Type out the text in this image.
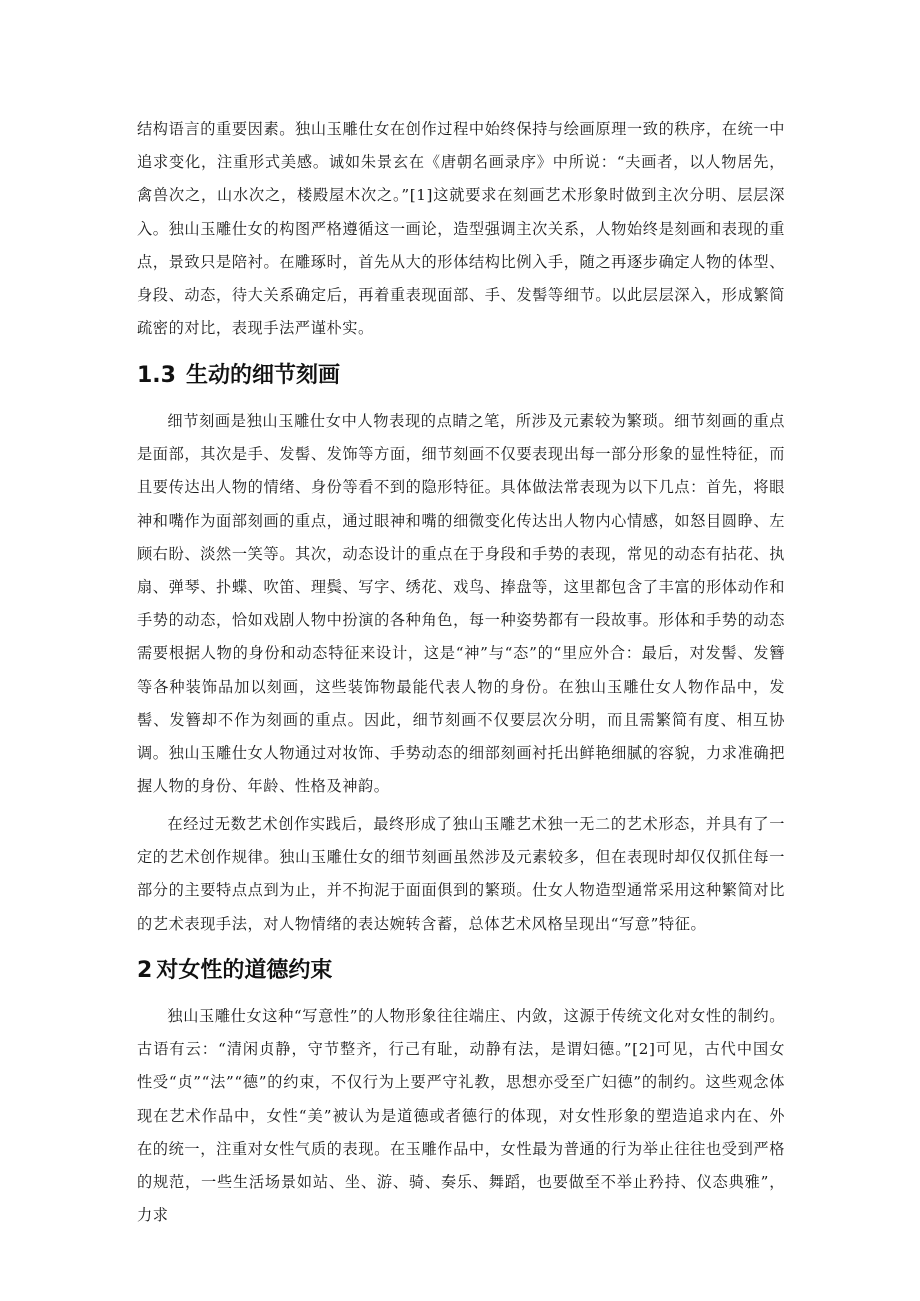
结构语言的重要因素。独山玉雕仕女在创作过程中始终保持与绘画原理一致的秩序，在统一中追求变化，注重形式美感。诚如朱景玄在《唐朝名画录序》中所说：“夫画者，以人物居先，禽兽次之，山水次之，楼殿屋木次之。”[1]这就要求在刻画艺术形象时做到主次分明、层层深入。独山玉雕仕女的构图严格遵循这一画论，造型强调主次关系，人物始终是刻画和表现的重点，景致只是陪衬。在雕琢时，首先从大的形体结构比例入手，随之再逐步确定人物的体型、身段、动态，待大关系确定后，再着重表现面部、手、发髻等细节。以此层层深入，形成繁简疏密的对比，表现手法严谨朴实。

1.3 生动的细节刻画

细节刻画是独山玉雕仕女中人物表现的点睛之笔，所涉及元素较为繁琐。细节刻画的重点是面部，其次是手、发髻、发饰等方面，细节刻画不仅要表现出每一部分形象的显性特征，而且要传达出人物的情绪、身份等看不到的隐形特征。具体做法常表现为以下几点：首先，将眼神和嘴作为面部刻画的重点，通过眼神和嘴的细微变化传达出人物内心情感，如怒目圆睁、左顾右盼、淡然一笑等。其次，动态设计的重点在于身段和手势的表现，常见的动态有拈花、执扇、弹琴、扑蝶、吹笛、理鬓、写字、绣花、戏鸟、捧盘等，这里都包含了丰富的形体动作和手势的动态，恰如戏剧人物中扮演的各种角色，每一种姿势都有一段故事。形体和手势的动态需要根据人物的身份和动态特征来设计，这是“神”与“态”的“里应外合：最后，对发髻、发簪等各种装饰品加以刻画，这些装饰物最能代表人物的身份。在独山玉雕仕女人物作品中，发髻、发簪却不作为刻画的重点。因此，细节刻画不仅要层次分明，而且需繁简有度、相互协调。独山玉雕仕女人物通过对妆饰、手势动态的细部刻画衬托出鲜艳细腻的容貌，力求准确把握人物的身份、年龄、性格及神韵。

在经过无数艺术创作实践后，最终形成了独山玉雕艺术独一无二的艺术形态，并具有了一定的艺术创作规律。独山玉雕仕女的细节刻画虽然涉及元素较多，但在表现时却仅仅抓住每一部分的主要特点点到为止，并不拘泥于面面俱到的繁琐。仕女人物造型通常采用这种繁简对比的艺术表现手法，对人物情绪的表达婉转含蓄，总体艺术风格呈现出“写意”特征。

2 对女性的道德约束

独山玉雕仕女这种“写意性”的人物形象往往端庄、内敛，这源于传统文化对女性的制约。古语有云：“清闲贞静，守节整齐，行己有耻，动静有法，是谓妇德。”[2]可见，古代中国女性受“贞”“法”“德”的约束，不仅行为上要严守礼教，思想亦受至广妇德”的制约。这些观念体现在艺术作品中，女性“美”被认为是道德或者德行的体现，对女性形象的塑造追求内在、外在的统一，注重对女性气质的表现。在玉雕作品中，女性最为普通的行为举止往往也受到严格的规范，一些生活场景如站、坐、游、骑、奏乐、舞蹈，也要做至不举止矜持、仪态典雅”，力求
